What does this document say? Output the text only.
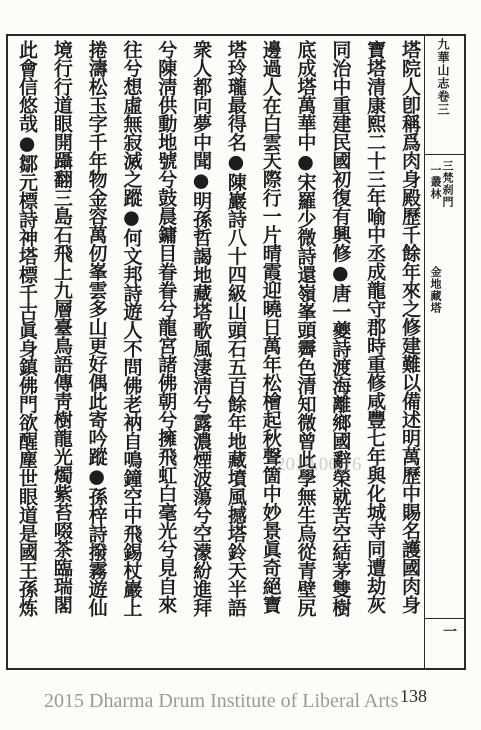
九華山志卷三
三梵刹門
一叢林
金地藏塔
一
塔院人卽稱爲肉身殿歷千餘年來之修建難以備述明萬歷中賜名護國肉身
寶塔清康熙二十三年喻中丞成龍守郡時重修咸豐七年與化城寺同遭劫灰
同治中重建民國初復有興修●唐一夔詩渡海離鄉國辭榮就苦空結茅雙樹
底成塔萬華中●宋羅少微詩還嶺峯頭霽色清知微曾此學無生烏從青壁尻
邊過人在白雲天際行一片晴霞迎曉日萬年松檜起秋聲箇中妙景眞奇絕寶
塔玲瓏最得名●陳巖詩八十四級山頭石五百餘年地藏墳風撼塔鈴天半語
衆人都向夢中聞●明孫哲謁地藏塔歌風淒淸兮露濃煙波蕩兮空濛紛進拜
兮陳淸供動地號兮鼓晨鏞目眷眷兮龍宮諸佛朝兮擁飛虹白毫光兮見自來
往兮想虛無寂滅之蹤●何文邦詩遊人不問佛老衲自鳴鐘空中飛錫杖巖上
捲濤松玉字千年物金容萬仞峯雲多山更好偶此寄吟蹤●孫梓詩撥霧遊仙
境行行道眼開躡翻三島石飛上九層臺鳥語傳靑樹龍光燭紫苔啜茶臨瑞閣
此會信悠哉●鄒元標詩神塔標千古眞身鎮佛門欲醒塵世眼道是國王孫炼	2010.06.16
2015 Dharma Drum Institute of Liberal Arts 138
